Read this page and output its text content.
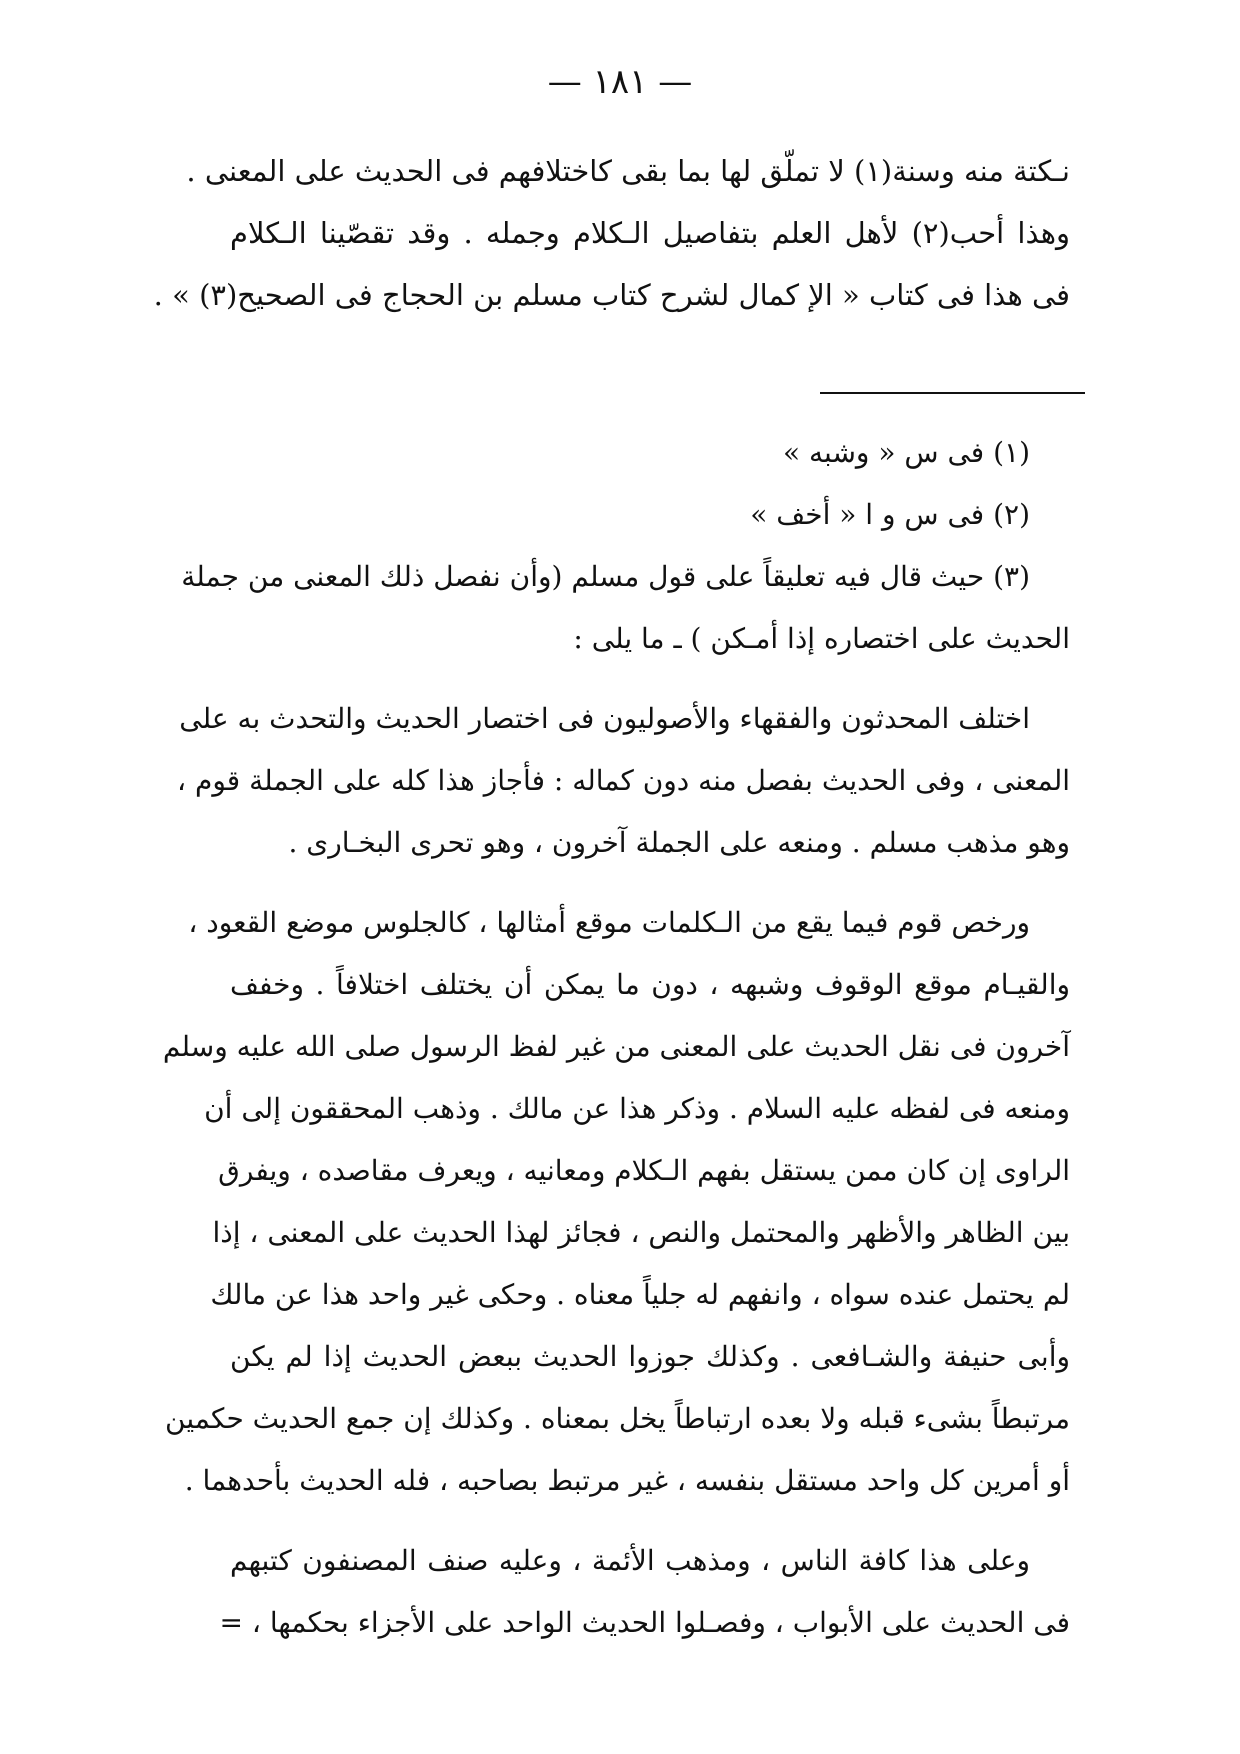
— ١٨١ —
نـكتة منه وسنة(١) لا تملّق لها بما بقى كاختلافهم فى الحديث على المعنى .
وهذا أحب(٢) لأهل العلم بتفاصيل الـكلام وجمله . وقد تقصّينا الـكلام
فى هذا فى كتاب « الإ كمال لشرح كتاب مسلم بن الحجاج فى الصحيح(٣) » .
(١) فى س « وشبه »
(٢) فى س و ا « أخف »
(٣) حيث قال فيه تعليقاً على قول مسلم (وأن نفصل ذلك المعنى من جملة
الحديث على اختصاره إذا أمـكن ) ـ ما يلى :
اختلف المحدثون والفقهاء والأصوليون فى اختصار الحديث والتحدث به على
المعنى ، وفى الحديث بفصل منه دون كماله : فأجاز هذا كله على الجملة قوم ،
وهو مذهب مسلم . ومنعه على الجملة آخرون ، وهو تحرى البخـارى .
ورخص قوم فيما يقع من الـكلمات موقع أمثالها ، كالجلوس موضع القعود ،
والقيـام موقع الوقوف وشبهه ، دون ما يمكن أن يختلف اختلافاً . وخفف
آخرون فى نقل الحديث على المعنى من غير لفظ الرسول صلى الله عليه وسلم
ومنعه فى لفظه عليه السلام . وذكر هذا عن مالك . وذهب المحققون إلى أن
الراوى إن كان ممن يستقل بفهم الـكلام ومعانيه ، ويعرف مقاصده ، ويفرق
بين الظاهر والأظهر والمحتمل والنص ، فجائز لهذا الحديث على المعنى ، إذا
لم يحتمل عنده سواه ، وانفهم له جلياً معناه . وحكى غير واحد هذا عن مالك
وأبى حنيفة والشـافعى . وكذلك جوزوا الحديث ببعض الحديث إذا لم يكن
مرتبطاً بشىء قبله ولا بعده ارتباطاً يخل بمعناه . وكذلك إن جمع الحديث حكمين
أو أمرين كل واحد مستقل بنفسه ، غير مرتبط بصاحبه ، فله الحديث بأحدهما .
وعلى هذا كافة الناس ، ومذهب الأئمة ، وعليه صنف المصنفون كتبهم
فى الحديث على الأبواب ، وفصـلوا الحديث الواحد على الأجزاء بحكمها ، =
